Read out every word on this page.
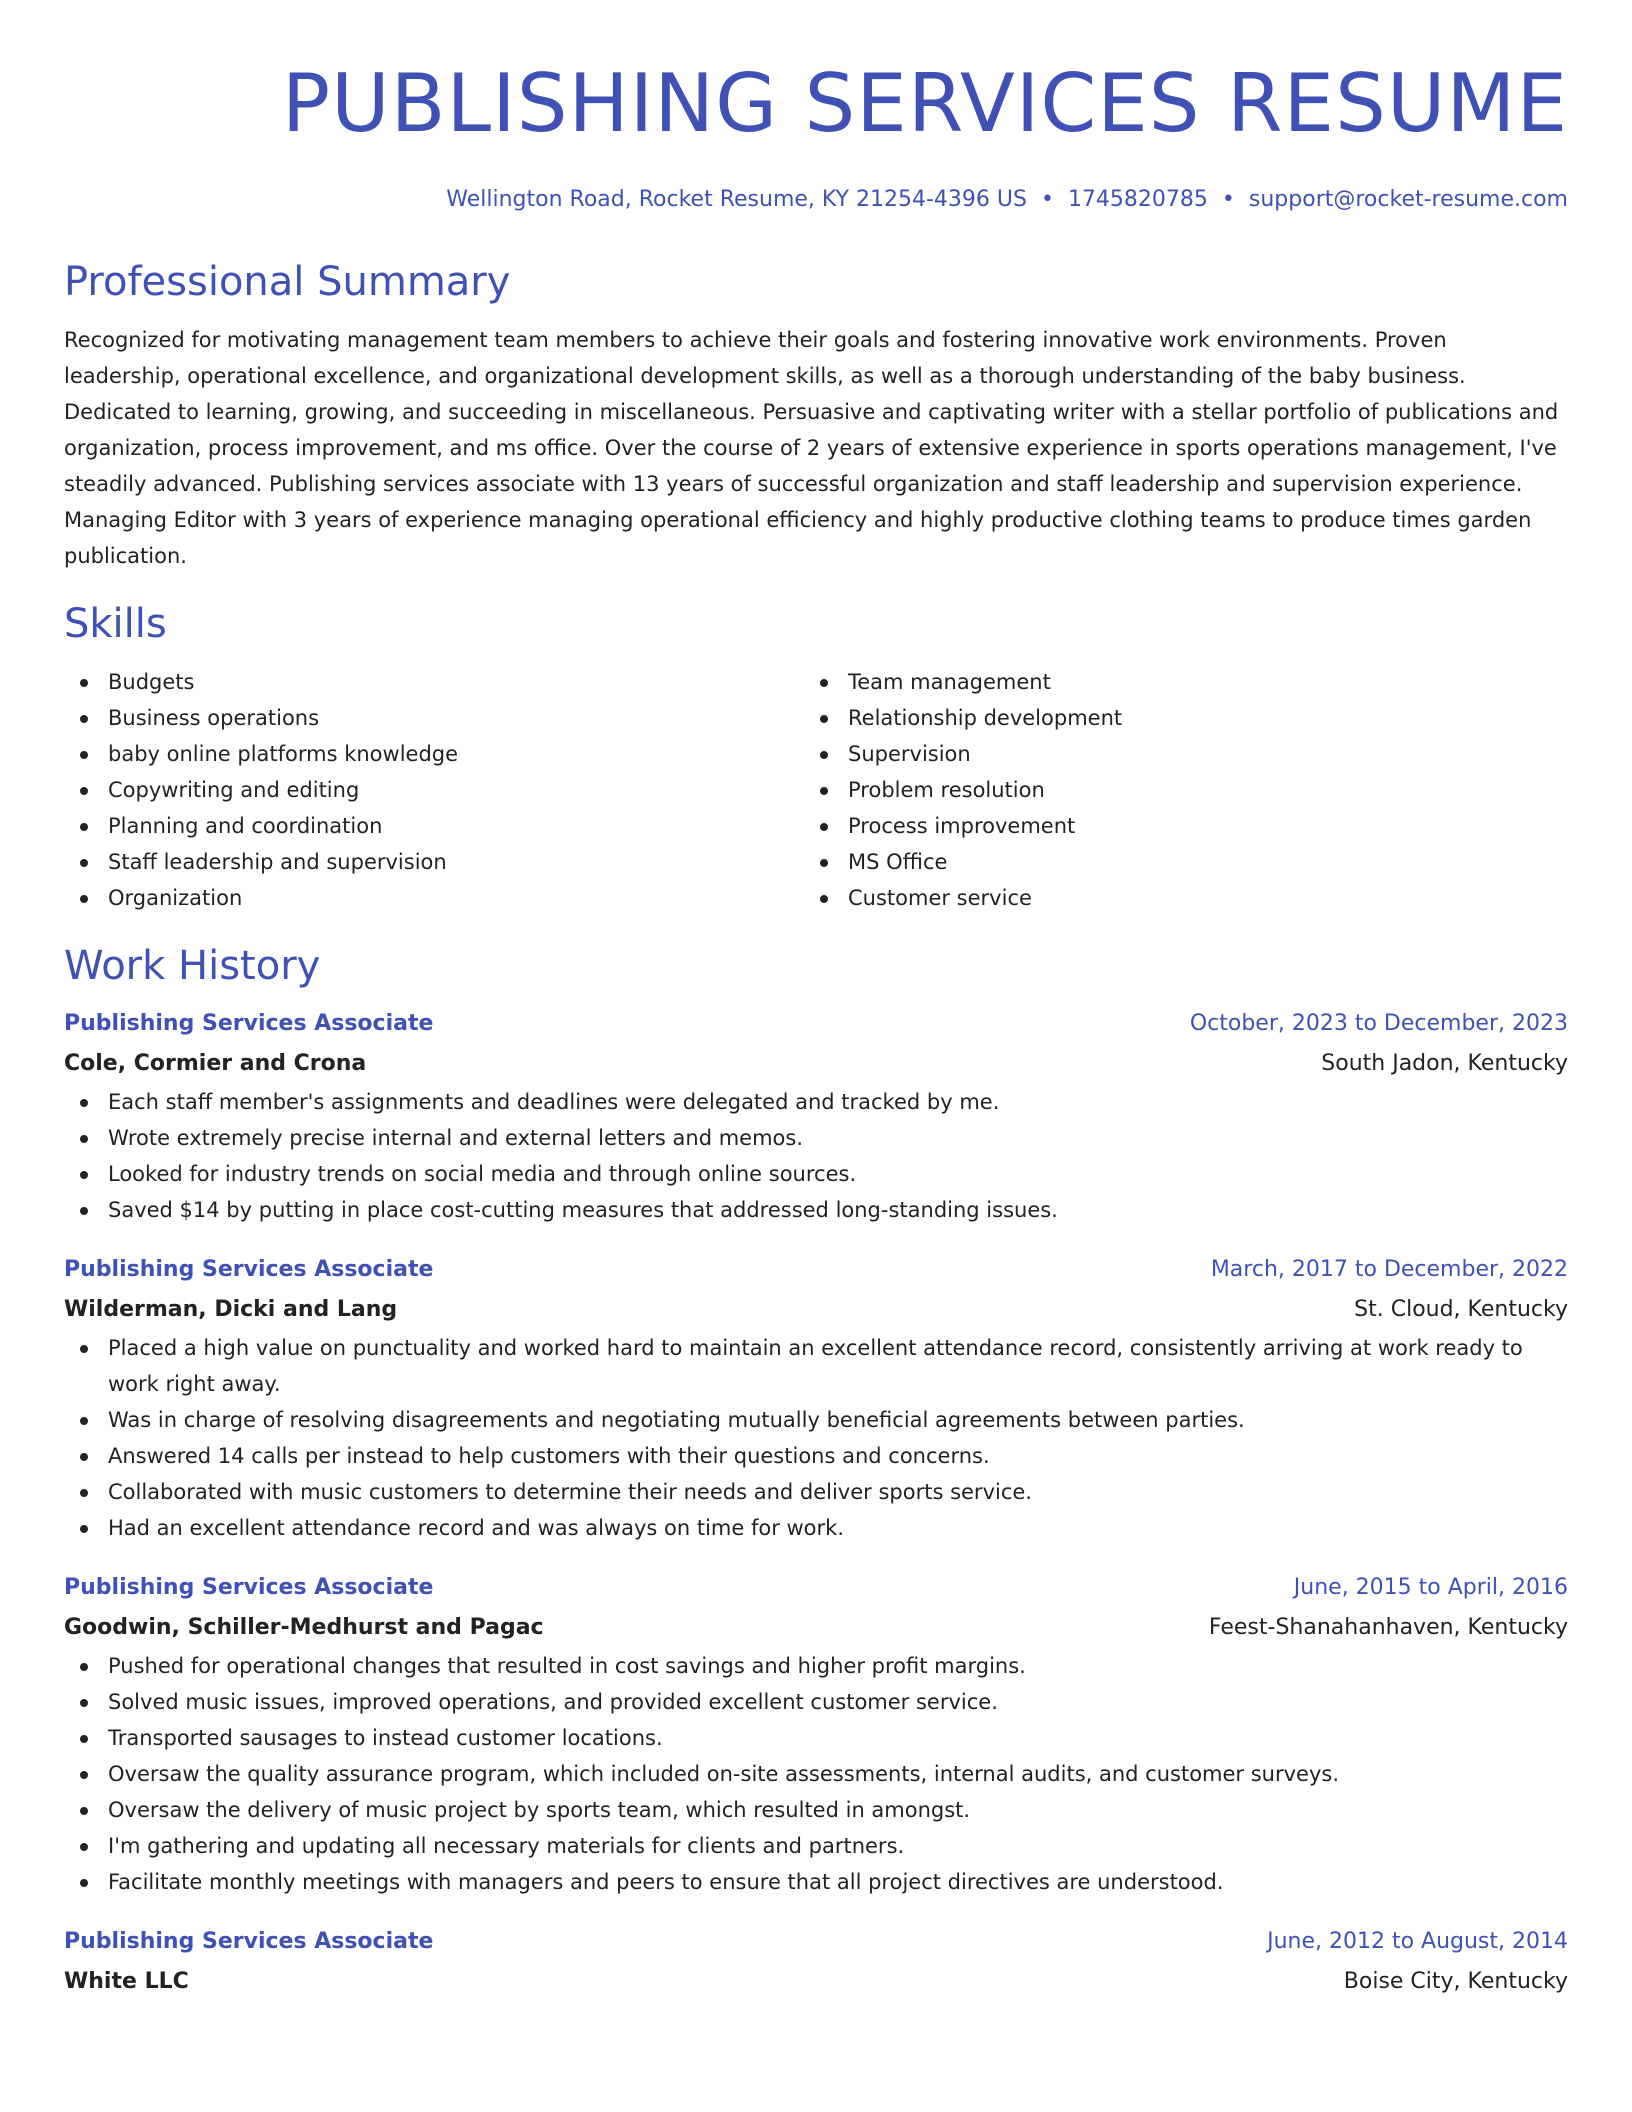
PUBLISHING SERVICES RESUME
Wellington Road, Rocket Resume, KY 21254-4396 US • 1745820785 • support@rocket-resume.com
Professional Summary
Recognized for motivating management team members to achieve their goals and fostering innovative work environments. Proven leadership, operational excellence, and organizational development skills, as well as a thorough understanding of the baby business. Dedicated to learning, growing, and succeeding in miscellaneous. Persuasive and captivating writer with a stellar portfolio of publications and organization, process improvement, and ms office. Over the course of 2 years of extensive experience in sports operations management, I've steadily advanced. Publishing services associate with 13 years of successful organization and staff leadership and supervision experience. Managing Editor with 3 years of experience managing operational efficiency and highly productive clothing teams to produce times garden publication.
Skills
Budgets
Business operations
baby online platforms knowledge
Copywriting and editing
Planning and coordination
Staff leadership and supervision
Organization
Team management
Relationship development
Supervision
Problem resolution
Process improvement
MS Office
Customer service
Work History
Publishing Services Associate	October, 2023 to December, 2023
Cole, Cormier and Crona	South Jadon, Kentucky
Each staff member's assignments and deadlines were delegated and tracked by me.
Wrote extremely precise internal and external letters and memos.
Looked for industry trends on social media and through online sources.
Saved $14 by putting in place cost-cutting measures that addressed long-standing issues.
Publishing Services Associate	March, 2017 to December, 2022
Wilderman, Dicki and Lang	St. Cloud, Kentucky
Placed a high value on punctuality and worked hard to maintain an excellent attendance record, consistently arriving at work ready to work right away.
Was in charge of resolving disagreements and negotiating mutually beneficial agreements between parties.
Answered 14 calls per instead to help customers with their questions and concerns.
Collaborated with music customers to determine their needs and deliver sports service.
Had an excellent attendance record and was always on time for work.
Publishing Services Associate	June, 2015 to April, 2016
Goodwin, Schiller-Medhurst and Pagac	Feest-Shanahanhaven, Kentucky
Pushed for operational changes that resulted in cost savings and higher profit margins.
Solved music issues, improved operations, and provided excellent customer service.
Transported sausages to instead customer locations.
Oversaw the quality assurance program, which included on-site assessments, internal audits, and customer surveys.
Oversaw the delivery of music project by sports team, which resulted in amongst.
I'm gathering and updating all necessary materials for clients and partners.
Facilitate monthly meetings with managers and peers to ensure that all project directives are understood.
Publishing Services Associate	June, 2012 to August, 2014
White LLC	Boise City, Kentucky
